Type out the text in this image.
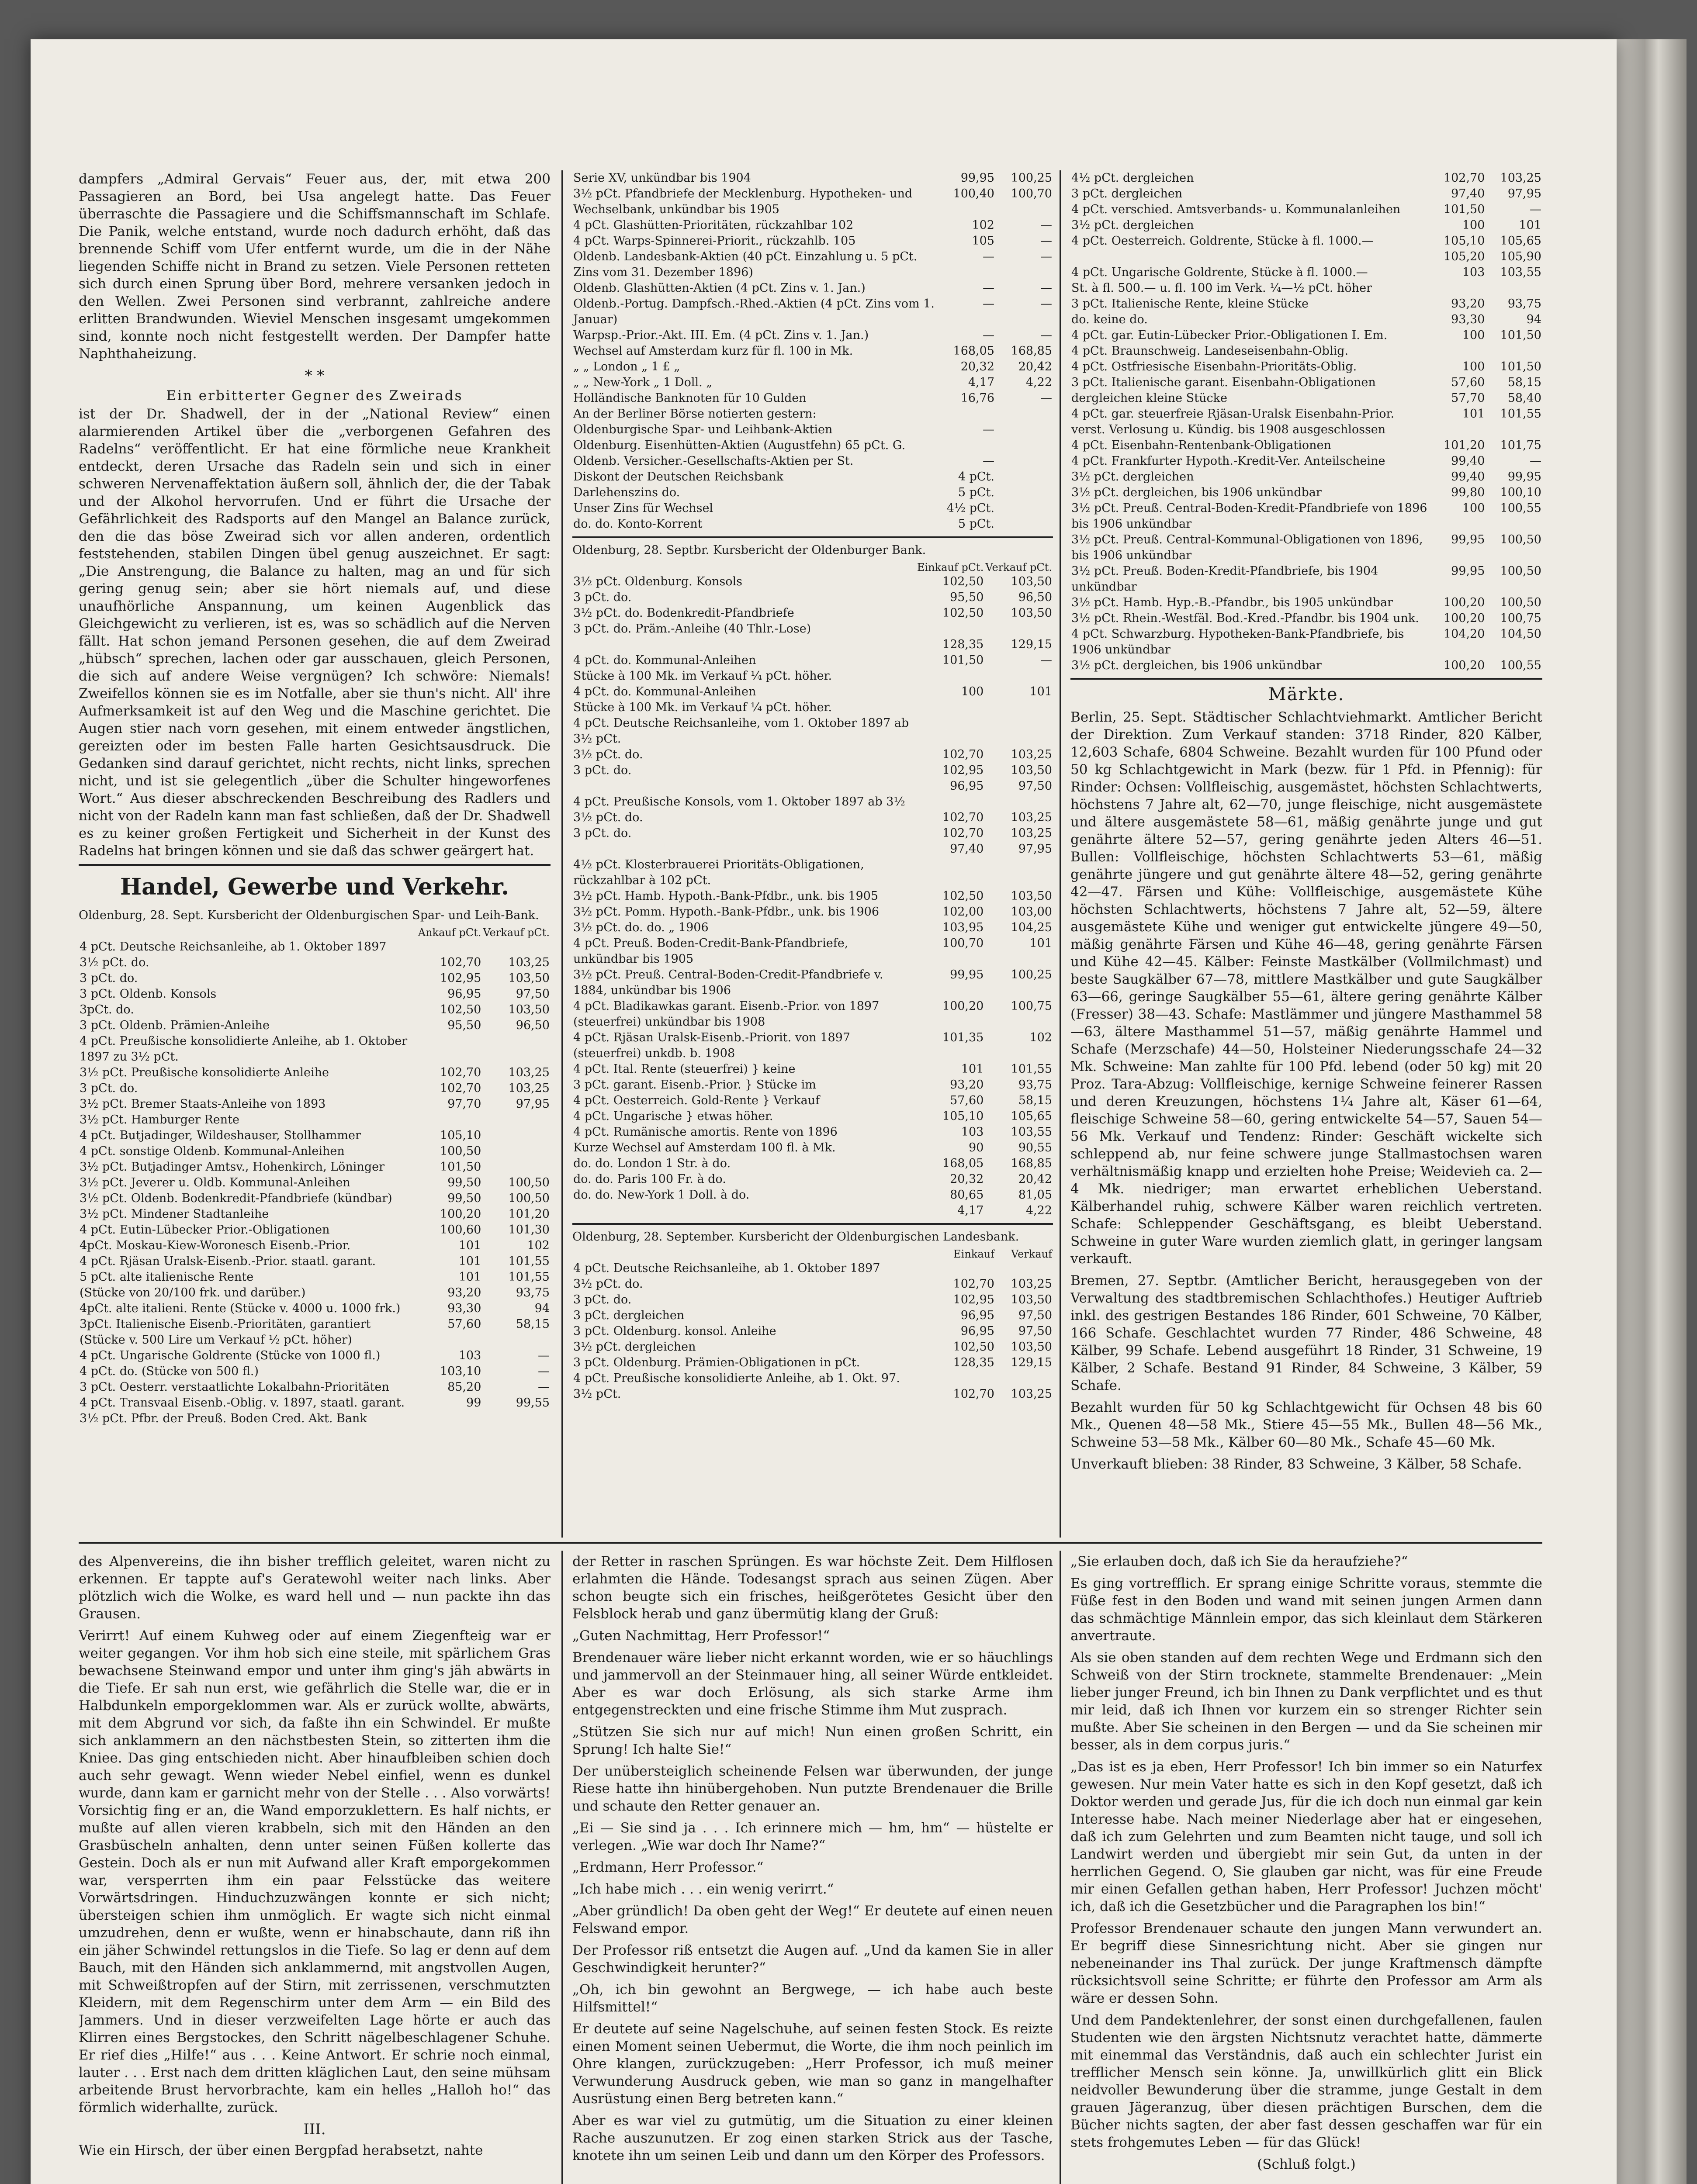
dampfers „Admiral Gervais“ Feuer aus, der, mit etwa 200 Passagieren an Bord, bei Usa angelegt hatte. Das Feuer überraschte die Passagiere und die Schiffsmannschaft im Schlafe. Die Panik, welche entstand, wurde noch dadurch erhöht, daß das brennende Schiff vom Ufer entfernt wurde, um die in der Nähe liegenden Schiffe nicht in Brand zu setzen. Viele Personen retteten sich durch einen Sprung über Bord, mehrere versanken jedoch in den Wellen. Zwei Personen sind verbrannt, zahlreiche andere erlitten Brandwunden. Wieviel Menschen insgesamt umgekommen sind, konnte noch nicht festgestellt werden. Der Dampfer hatte Naphthaheizung.

* *

Ein erbitterter Gegner des Zweirads

ist der Dr. Shadwell, der in der „National Review“ einen alarmierenden Artikel über die „verborgenen Gefahren des Radelns“ veröffentlicht. Er hat eine förmliche neue Krankheit entdeckt, deren Ursache das Radeln sein und sich in einer schweren Nervenaffektation äußern soll, ähnlich der, die der Tabak und der Alkohol hervorrufen. Und er führt die Ursache der Gefährlichkeit des Radsports auf den Mangel an Balance zurück, den die das böse Zweirad sich vor allen anderen, ordentlich feststehenden, stabilen Dingen übel genug auszeichnet. Er sagt: „Die Anstrengung, die Balance zu halten, mag an und für sich gering genug sein; aber sie hört niemals auf, und diese unaufhörliche Anspannung, um keinen Augenblick das Gleichgewicht zu verlieren, ist es, was so schädlich auf die Nerven fällt. Hat schon jemand Personen gesehen, die auf dem Zweirad „hübsch“ sprechen, lachen oder gar ausschauen, gleich Personen, die sich auf andere Weise vergnügen? Ich schwöre: Niemals! Zweifellos können sie es im Notfalle, aber sie thun's nicht. All' ihre Aufmerksamkeit ist auf den Weg und die Maschine gerichtet. Die Augen stier nach vorn gesehen, mit einem entweder ängstlichen, gereizten oder im besten Falle harten Gesichtsausdruck. Die Gedanken sind darauf gerichtet, nicht rechts, nicht links, sprechen nicht, und ist sie gelegentlich „über die Schulter hingeworfenes Wort.“ Aus dieser abschreckenden Beschreibung des Radlers und nicht von der Radeln kann man fast schließen, daß der Dr. Shadwell es zu keiner großen Fertigkeit und Sicherheit in der Kunst des Radelns hat bringen können und sie daß das schwer geärgert hat.

Handel, Gewerbe und Verkehr.
Oldenburg, 28. Sept. Kursbericht der Oldenburgischen Spar- und Leih-Bank.
	Ankauf pCt.	Verkauf pCt.
4 pCt. Deutsche Reichsanleihe, ab 1. Oktober 1897		
3½ pCt. do.	102,70	103,25
3 pCt. do.	102,95	103,50
3 pCt. Oldenb. Konsols	96,95	97,50
3pCt. do.	102,50	103,50
3 pCt. Oldenb. Prämien-Anleihe	95,50	96,50
4 pCt. Preußische konsolidierte Anleihe, ab 1. Oktober 1897 zu 3½ pCt.		
3½ pCt. Preußische konsolidierte Anleihe	102,70	103,25
3 pCt. do.	102,70	103,25
3½ pCt. Bremer Staats-Anleihe von 1893	97,70	97,95
3½ pCt. Hamburger Rente		
4 pCt. Butjadinger, Wildeshauser, Stollhammer	105,10	
4 pCt. sonstige Oldenb. Kommunal-Anleihen	100,50	
3½ pCt. Butjadinger Amtsv., Hohenkirch, Löninger	101,50	
3½ pCt. Jeverer u. Oldb. Kommunal-Anleihen	99,50	100,50
3½ pCt. Oldenb. Bodenkredit-Pfandbriefe (kündbar)	99,50	100,50
3½ pCt. Mindener Stadtanleihe	100,20	101,20
4 pCt. Eutin-Lübecker Prior.-Obligationen	100,60	101,30
4pCt. Moskau-Kiew-Woronesch Eisenb.-Prior.	101	102
4 pCt. Rjäsan Uralsk-Eisenb.-Prior. staatl. garant.	101	101,55
5 pCt. alte italienische Rente	101	101,55
(Stücke von 20/100 frk. und darüber.)	93,20	93,75
4pCt. alte italieni. Rente (Stücke v. 4000 u. 1000 frk.)	93,30	94
3pCt. Italienische Eisenb.-Prioritäten, garantiert (Stücke v. 500 Lire um Verkauf ½ pCt. höher)	57,60	58,15
4 pCt. Ungarische Goldrente (Stücke von 1000 fl.)	103	—
4 pCt. do. (Stücke von 500 fl.)	103,10	—
3 pCt. Oesterr. verstaatlichte Lokalbahn-Prioritäten	85,20	—
4 pCt. Transvaal Eisenb.-Oblig. v. 1897, staatl. garant.	99	99,55
3½ pCt. Pfbr. der Preuß. Boden Cred. Akt. Bank		
Serie XV, unkündbar bis 1904	99,95	100,25
3½ pCt. Pfandbriefe der Mecklenburg. Hypotheken- und Wechselbank, unkündbar bis 1905	100,40	100,70
4 pCt. Glashütten-Prioritäten, rückzahlbar 102	102	—
4 pCt. Warps-Spinnerei-Priorit., rückzahlb. 105	105	—
Oldenb. Landesbank-Aktien (40 pCt. Einzahlung u. 5 pCt. Zins vom 31. Dezember 1896)	—	—
Oldenb. Glashütten-Aktien (4 pCt. Zins v. 1. Jan.)	—	—
Oldenb.-Portug. Dampfsch.-Rhed.-Aktien (4 pCt. Zins vom 1. Januar)	—	—
Warpsp.-Prior.-Akt. III. Em. (4 pCt. Zins v. 1. Jan.)	—	—
Wechsel auf Amsterdam kurz für fl. 100 in Mk.	168,05	168,85
„ „ London „ 1 £ „	20,32	20,42
„ „ New-York „ 1 Doll. „	4,17	4,22
Holländische Banknoten für 10 Gulden	16,76	—
An der Berliner Börse notierten gestern:		
Oldenburgische Spar- und Leihbank-Aktien	—	
Oldenburg. Eisenhütten-Aktien (Augustfehn) 65 pCt. G.		
Oldenb. Versicher.-Gesellschafts-Aktien per St.	—	
Diskont der Deutschen Reichsbank	4 pCt.	
Darlehenszins do.	5 pCt.	
Unser Zins für Wechsel	4½ pCt.	
do. do. Konto-Korrent	5 pCt.	
Oldenburg, 28. Septbr. Kursbericht der Oldenburger Bank.
	Einkauf pCt.	Verkauf pCt.
3½ pCt. Oldenburg. Konsols	102,50	103,50
3 pCt. do.	95,50	96,50
3½ pCt. do. Bodenkredit-Pfandbriefe	102,50	103,50
3 pCt. do. Präm.-Anleihe (40 Thlr.-Lose)		
	128,35	129,15
4 pCt. do. Kommunal-Anleihen	101,50	—
Stücke à 100 Mk. im Verkauf ¼ pCt. höher.		
4 pCt. do. Kommunal-Anleihen	100	101
Stücke à 100 Mk. im Verkauf ¼ pCt. höher.		
4 pCt. Deutsche Reichsanleihe, vom 1. Oktober 1897 ab 3½ pCt.		
3½ pCt. do.	102,70	103,25
3 pCt. do.	102,95	103,50
	96,95	97,50
4 pCt. Preußische Konsols, vom 1. Oktober 1897 ab 3½		
3½ pCt. do.	102,70	103,25
3 pCt. do.	102,70	103,25
	97,40	97,95
4½ pCt. Klosterbrauerei Prioritäts-Obligationen, rückzahlbar à 102 pCt.		
3½ pCt. Hamb. Hypoth.-Bank-Pfdbr., unk. bis 1905	102,50	103,50
3½ pCt. Pomm. Hypoth.-Bank-Pfdbr., unk. bis 1906	102,00	103,00
3½ pCt. do. do. „ 1906	103,95	104,25
4 pCt. Preuß. Boden-Credit-Bank-Pfandbriefe, unkündbar bis 1905	100,70	101
3½ pCt. Preuß. Central-Boden-Credit-Pfandbriefe v. 1884, unkündbar bis 1906	99,95	100,25
4 pCt. Bladikawkas garant. Eisenb.-Prior. von 1897 (steuerfrei) unkündbar bis 1908	100,20	100,75
4 pCt. Rjäsan Uralsk-Eisenb.-Priorit. von 1897 (steuerfrei) unkdb. b. 1908	101,35	102
4 pCt. Ital. Rente (steuerfrei) } keine	101	101,55
3 pCt. garant. Eisenb.-Prior. } Stücke im	93,20	93,75
4 pCt. Oesterreich. Gold-Rente } Verkauf	57,60	58,15
4 pCt. Ungarische } etwas höher.	105,10	105,65
4 pCt. Rumänische amortis. Rente von 1896	103	103,55
Kurze Wechsel auf Amsterdam 100 fl. à Mk.	90	90,55
do. do. London 1 Str. à do.	168,05	168,85
do. do. Paris 100 Fr. à do.	20,32	20,42
do. do. New-York 1 Doll. à do.	80,65	81,05
	4,17	4,22
Oldenburg, 28. September. Kursbericht der Oldenburgischen Landesbank.
	Einkauf	Verkauf
4 pCt. Deutsche Reichsanleihe, ab 1. Oktober 1897		
3½ pCt. do.	102,70	103,25
3 pCt. do.	102,95	103,50
3 pCt. dergleichen	96,95	97,50
3 pCt. Oldenburg. konsol. Anleihe	96,95	97,50
3½ pCt. dergleichen	102,50	103,50
3 pCt. Oldenburg. Prämien-Obligationen in pCt.	128,35	129,15
4 pCt. Preußische konsolidierte Anleihe, ab 1. Okt. 97.		
3½ pCt.	102,70	103,25
4½ pCt. dergleichen	102,70	103,25
3 pCt. dergleichen	97,40	97,95
4 pCt. verschied. Amtsverbands- u. Kommunalanleihen	101,50	—
3½ pCt. dergleichen	100	101
4 pCt. Oesterreich. Goldrente, Stücke à fl. 1000.—	105,10	105,65
	105,20	105,90
4 pCt. Ungarische Goldrente, Stücke à fl. 1000.—	103	103,55
St. à fl. 500.— u. fl. 100 im Verk. ¼—½ pCt. höher		
3 pCt. Italienische Rente, kleine Stücke	93,20	93,75
do. keine do.	93,30	94
4 pCt. gar. Eutin-Lübecker Prior.-Obligationen I. Em.	100	101,50
4 pCt. Braunschweig. Landeseisenbahn-Oblig.		
4 pCt. Ostfriesische Eisenbahn-Prioritäts-Oblig.	100	101,50
3 pCt. Italienische garant. Eisenbahn-Obligationen	57,60	58,15
dergleichen kleine Stücke	57,70	58,40
4 pCt. gar. steuerfreie Rjäsan-Uralsk Eisenbahn-Prior. verst. Verlosung u. Kündig. bis 1908 ausgeschlossen	101	101,55
4 pCt. Eisenbahn-Rentenbank-Obligationen	101,20	101,75
4 pCt. Frankfurter Hypoth.-Kredit-Ver. Anteilscheine	99,40	—
3½ pCt. dergleichen	99,40	99,95
3½ pCt. dergleichen, bis 1906 unkündbar	99,80	100,10
3½ pCt. Preuß. Central-Boden-Kredit-Pfandbriefe von 1896 bis 1906 unkündbar	100	100,55
3½ pCt. Preuß. Central-Kommunal-Obligationen von 1896, bis 1906 unkündbar	99,95	100,50
3½ pCt. Preuß. Boden-Kredit-Pfandbriefe, bis 1904 unkündbar	99,95	100,50
3½ pCt. Hamb. Hyp.-B.-Pfandbr., bis 1905 unkündbar	100,20	100,50
3½ pCt. Rhein.-Westfäl. Bod.-Kred.-Pfandbr. bis 1904 unk.	100,20	100,75
4 pCt. Schwarzburg. Hypotheken-Bank-Pfandbriefe, bis 1906 unkündbar	104,20	104,50
3½ pCt. dergleichen, bis 1906 unkündbar	100,20	100,55
Märkte.

Berlin, 25. Sept. Städtischer Schlachtviehmarkt. Amtlicher Bericht der Direktion. Zum Verkauf standen: 3718 Rinder, 820 Kälber, 12,603 Schafe, 6804 Schweine. Bezahlt wurden für 100 Pfund oder 50 kg Schlachtgewicht in Mark (bezw. für 1 Pfd. in Pfennig): für Rinder: Ochsen: Vollfleischig, ausgemästet, höchsten Schlachtwerts, höchstens 7 Jahre alt, 62—70, junge fleischige, nicht ausgemästete und ältere ausgemästete 58—61, mäßig genährte junge und gut genährte ältere 52—57, gering genährte jeden Alters 46—51. Bullen: Vollfleischige, höchsten Schlachtwerts 53—61, mäßig genährte jüngere und gut genährte ältere 48—52, gering genährte 42—47. Färsen und Kühe: Vollfleischige, ausgemästete Kühe höchsten Schlachtwerts, höchstens 7 Jahre alt, 52—59, ältere ausgemästete Kühe und weniger gut entwickelte jüngere 49—50, mäßig genährte Färsen und Kühe 46—48, gering genährte Färsen und Kühe 42—45. Kälber: Feinste Mastkälber (Vollmilchmast) und beste Saugkälber 67—78, mittlere Mastkälber und gute Saugkälber 63—66, geringe Saugkälber 55—61, ältere gering genährte Kälber (Fresser) 38—43. Schafe: Mastlämmer und jüngere Masthammel 58—63, ältere Masthammel 51—57, mäßig genährte Hammel und Schafe (Merzschafe) 44—50, Holsteiner Niederungsschafe 24—32 Mk. Schweine: Man zahlte für 100 Pfd. lebend (oder 50 kg) mit 20 Proz. Tara-Abzug: Vollfleischige, kernige Schweine feinerer Rassen und deren Kreuzungen, höchstens 1¼ Jahre alt, Käser 61—64, fleischige Schweine 58—60, gering entwickelte 54—57, Sauen 54—56 Mk. Verkauf und Tendenz: Rinder: Geschäft wickelte sich schleppend ab, nur feine schwere junge Stallmastochsen waren verhältnismäßig knapp und erzielten hohe Preise; Weidevieh ca. 2—4 Mk. niedriger; man erwartet erheblichen Ueberstand. Kälberhandel ruhig, schwere Kälber waren reichlich vertreten. Schafe: Schleppender Geschäftsgang, es bleibt Ueberstand. Schweine in guter Ware wurden ziemlich glatt, in geringer langsam verkauft.

Bremen, 27. Septbr. (Amtlicher Bericht, herausgegeben von der Verwaltung des stadtbremischen Schlachthofes.) Heutiger Auftrieb inkl. des gestrigen Bestandes 186 Rinder, 601 Schweine, 70 Kälber, 166 Schafe. Geschlachtet wurden 77 Rinder, 486 Schweine, 48 Kälber, 99 Schafe. Lebend ausgeführt 18 Rinder, 31 Schweine, 19 Kälber, 2 Schafe. Bestand 91 Rinder, 84 Schweine, 3 Kälber, 59 Schafe.

Bezahlt wurden für 50 kg Schlachtgewicht für Ochsen 48 bis 60 Mk., Quenen 48—58 Mk., Stiere 45—55 Mk., Bullen 48—56 Mk., Schweine 53—58 Mk., Kälber 60—80 Mk., Schafe 45—60 Mk.

Unverkauft blieben: 38 Rinder, 83 Schweine, 3 Kälber, 58 Schafe.

des Alpenvereins, die ihn bisher trefflich geleitet, waren nicht zu erkennen. Er tappte auf's Geratewohl weiter nach links. Aber plötzlich wich die Wolke, es ward hell und — nun packte ihn das Grausen.

Verirrt! Auf einem Kuhweg oder auf einem Ziegenfteig war er weiter gegangen. Vor ihm hob sich eine steile, mit spärlichem Gras bewachsene Steinwand empor und unter ihm ging's jäh abwärts in die Tiefe. Er sah nun erst, wie gefährlich die Stelle war, die er in Halbdunkeln emporgeklommen war. Als er zurück wollte, abwärts, mit dem Abgrund vor sich, da faßte ihn ein Schwindel. Er mußte sich anklammern an den nächstbesten Stein, so zitterten ihm die Kniee. Das ging entschieden nicht. Aber hinaufbleiben schien doch auch sehr gewagt. Wenn wieder Nebel einfiel, wenn es dunkel wurde, dann kam er garnicht mehr von der Stelle . . . Also vorwärts! Vorsichtig fing er an, die Wand emporzuklettern. Es half nichts, er mußte auf allen vieren krabbeln, sich mit den Händen an den Grasbüscheln anhalten, denn unter seinen Füßen kollerte das Gestein. Doch als er nun mit Aufwand aller Kraft emporgekommen war, versperrten ihm ein paar Felsstücke das weitere Vorwärtsdringen. Hinduchzuzwängen konnte er sich nicht; übersteigen schien ihm unmöglich. Er wagte sich nicht einmal umzudrehen, denn er wußte, wenn er hinabschaute, dann riß ihn ein jäher Schwindel rettungslos in die Tiefe. So lag er denn auf dem Bauch, mit den Händen sich anklammernd, mit angstvollen Augen, mit Schweißtropfen auf der Stirn, mit zerrissenen, verschmutzten Kleidern, mit dem Regenschirm unter dem Arm — ein Bild des Jammers. Und in dieser verzweifelten Lage hörte er auch das Klirren eines Bergstockes, den Schritt nägelbeschlagener Schuhe. Er rief dies „Hilfe!“ aus . . . Keine Antwort. Er schrie noch einmal, lauter . . . Erst nach dem dritten kläglichen Laut, den seine mühsam arbeitende Brust hervorbrachte, kam ein helles „Halloh ho!“ das förmlich widerhallte, zurück.

III.

Wie ein Hirsch, der über einen Bergpfad herabsetzt, nahte

der Retter in raschen Sprüngen. Es war höchste Zeit. Dem Hilflosen erlahmten die Hände. Todesangst sprach aus seinen Zügen. Aber schon beugte sich ein frisches, heißgerötetes Gesicht über den Felsblock herab und ganz übermütig klang der Gruß:

„Guten Nachmittag, Herr Professor!“

Brendenauer wäre lieber nicht erkannt worden, wie er so häuchlings und jammervoll an der Steinmauer hing, all seiner Würde entkleidet. Aber es war doch Erlösung, als sich starke Arme ihm entgegenstreckten und eine frische Stimme ihm Mut zusprach.

„Stützen Sie sich nur auf mich! Nun einen großen Schritt, ein Sprung! Ich halte Sie!“

Der unübersteiglich scheinende Felsen war überwunden, der junge Riese hatte ihn hinübergehoben. Nun putzte Brendenauer die Brille und schaute den Retter genauer an.

„Ei — Sie sind ja . . . Ich erinnere mich — hm, hm“ — hüstelte er verlegen. „Wie war doch Ihr Name?“

„Erdmann, Herr Professor.“

„Ich habe mich . . . ein wenig verirrt.“

„Aber gründlich! Da oben geht der Weg!“ Er deutete auf einen neuen Felswand empor.

Der Professor riß entsetzt die Augen auf. „Und da kamen Sie in aller Geschwindigkeit herunter?“

„Oh, ich bin gewohnt an Bergwege, — ich habe auch beste Hilfsmittel!“

Er deutete auf seine Nagelschuhe, auf seinen festen Stock. Es reizte einen Moment seinen Uebermut, die Worte, die ihm noch peinlich im Ohre klangen, zurückzugeben: „Herr Professor, ich muß meiner Verwunderung Ausdruck geben, wie man so ganz in mangelhafter Ausrüstung einen Berg betreten kann.“

Aber es war viel zu gutmütig, um die Situation zu einer kleinen Rache auszunutzen. Er zog einen starken Strick aus der Tasche, knotete ihn um seinen Leib und dann um den Körper des Professors.

„Sie erlauben doch, daß ich Sie da heraufziehe?“

Es ging vortrefflich. Er sprang einige Schritte voraus, stemmte die Füße fest in den Boden und wand mit seinen jungen Armen dann das schmächtige Männlein empor, das sich kleinlaut dem Stärkeren anvertraute.

Als sie oben standen auf dem rechten Wege und Erdmann sich den Schweiß von der Stirn trocknete, stammelte Brendenauer: „Mein lieber junger Freund, ich bin Ihnen zu Dank verpflichtet und es thut mir leid, daß ich Ihnen vor kurzem ein so strenger Richter sein mußte. Aber Sie scheinen in den Bergen — und da Sie scheinen mir besser, als in dem corpus juris.“

„Das ist es ja eben, Herr Professor! Ich bin immer so ein Naturfex gewesen. Nur mein Vater hatte es sich in den Kopf gesetzt, daß ich Doktor werden und gerade Jus, für die ich doch nun einmal gar kein Interesse habe. Nach meiner Niederlage aber hat er eingesehen, daß ich zum Gelehrten und zum Beamten nicht tauge, und soll ich Landwirt werden und übergiebt mir sein Gut, da unten in der herrlichen Gegend. O, Sie glauben gar nicht, was für eine Freude mir einen Gefallen gethan haben, Herr Professor! Juchzen möcht' ich, daß ich die Gesetzbücher und die Paragraphen los bin!“

Professor Brendenauer schaute den jungen Mann verwundert an. Er begriff diese Sinnesrichtung nicht. Aber sie gingen nur nebeneinander ins Thal zurück. Der junge Kraftmensch dämpfte rücksichtsvoll seine Schritte; er führte den Professor am Arm als wäre er dessen Sohn.

Und dem Pandektenlehrer, der sonst einen durchgefallenen, faulen Studenten wie den ärgsten Nichtsnutz verachtet hatte, dämmerte mit einemmal das Verständnis, daß auch ein schlechter Jurist ein trefflicher Mensch sein könne. Ja, unwillkürlich glitt ein Blick neidvoller Bewunderung über die stramme, junge Gestalt in dem grauen Jägeranzug, über diesen prächtigen Burschen, dem die Bücher nichts sagten, der aber fast dessen geschaffen war für ein stets frohgemutes Leben — für das Glück!

(Schluß folgt.)
